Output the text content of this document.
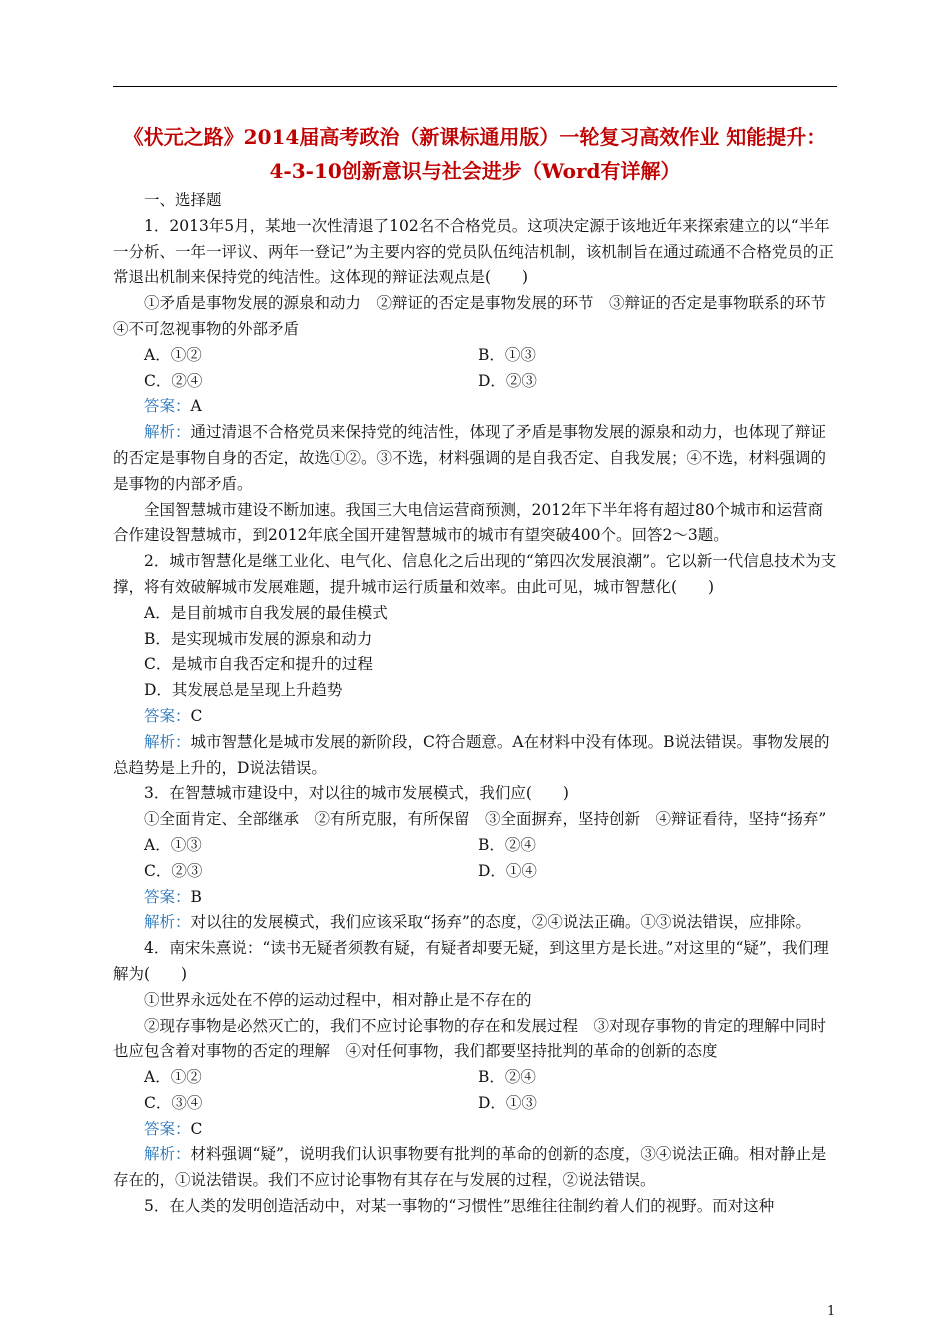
《状元之路》2014届高考政治（新课标通用版）一轮复习高效作业 知能提升：4-3-10创新意识与社会进步（Word有详解）

一、选择题

1．2013年5月，某地一次性清退了102名不合格党员。这项决定源于该地近年来探索建立的以“半年一分析、一年一评议、两年一登记”为主要内容的党员队伍纯洁机制，该机制旨在通过疏通不合格党员的正常退出机制来保持党的纯洁性。这体现的辩证法观点是(　　)

①矛盾是事物发展的源泉和动力　②辩证的否定是事物发展的环节　③辩证的否定是事物联系的环节　④不可忽视事物的外部矛盾

A．①②	B．①③
C．②④	D．②③

答案：A

解析：通过清退不合格党员来保持党的纯洁性，体现了矛盾是事物发展的源泉和动力，也体现了辩证的否定是事物自身的否定，故选①②。③不选，材料强调的是自我否定、自我发展；④不选，材料强调的是事物的内部矛盾。

全国智慧城市建设不断加速。我国三大电信运营商预测，2012年下半年将有超过80个城市和运营商合作建设智慧城市，到2012年底全国开建智慧城市的城市有望突破400个。回答2～3题。

2．城市智慧化是继工业化、电气化、信息化之后出现的“第四次发展浪潮”。它以新一代信息技术为支撑，将有效破解城市发展难题，提升城市运行质量和效率。由此可见，城市智慧化(　　)

A．是目前城市自我发展的最佳模式

B．是实现城市发展的源泉和动力

C．是城市自我否定和提升的过程

D．其发展总是呈现上升趋势

答案：C

解析：城市智慧化是城市发展的新阶段，C符合题意。A在材料中没有体现。B说法错误。事物发展的总趋势是上升的，D说法错误。

3．在智慧城市建设中，对以往的城市发展模式，我们应(　　)

①全面肯定、全部继承　②有所克服，有所保留　③全面摒弃，坚持创新　④辩证看待，坚持“扬弃”

A．①③	B．②④
C．②③	D．①④

答案：B

解析：对以往的发展模式，我们应该采取“扬弃”的态度，②④说法正确。①③说法错误，应排除。

4．南宋朱熹说：“读书无疑者须教有疑，有疑者却要无疑，到这里方是长进。”对这里的“疑”，我们理解为(　　)

①世界永远处在不停的运动过程中，相对静止是不存在的

②现存事物是必然灭亡的，我们不应讨论事物的存在和发展过程　③对现存事物的肯定的理解中同时也应包含着对事物的否定的理解　④对任何事物，我们都要坚持批判的革命的创新的态度

A．①②	B．②④
C．③④	D．①③

答案：C

解析：材料强调“疑”，说明我们认识事物要有批判的革命的创新的态度，③④说法正确。相对静止是存在的，①说法错误。我们不应讨论事物有其存在与发展的过程，②说法错误。

5．在人类的发明创造活动中，对某一事物的“习惯性”思维往往制约着人们的视野。而对这种

1
